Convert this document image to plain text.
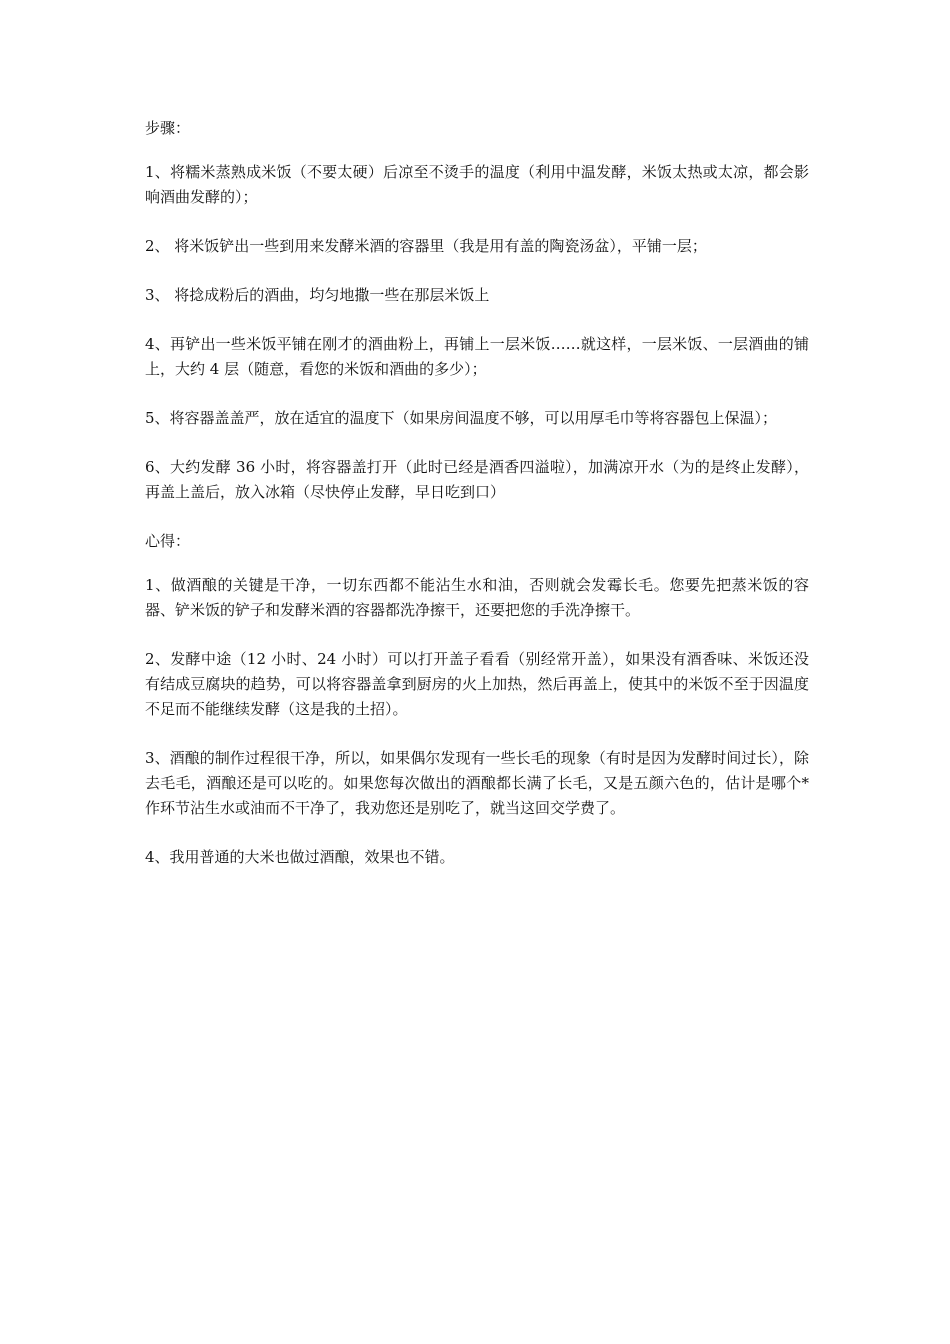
步骤：

1、将糯米蒸熟成米饭（不要太硬）后凉至不烫手的温度（利用中温发酵，米饭太热或太凉，都会影响酒曲发酵的）；

2、 将米饭铲出一些到用来发酵米酒的容器里（我是用有盖的陶瓷汤盆），平铺一层；

3、 将捻成粉后的酒曲，均匀地撒一些在那层米饭上

4、再铲出一些米饭平铺在刚才的酒曲粉上，再铺上一层米饭……就这样，一层米饭、一层酒曲的铺上，大约 4 层（随意，看您的米饭和酒曲的多少）；

5、将容器盖盖严，放在适宜的温度下（如果房间温度不够，可以用厚毛巾等将容器包上保温）；

6、大约发酵 36 小时，将容器盖打开（此时已经是酒香四溢啦），加满凉开水（为的是终止发酵），再盖上盖后，放入冰箱（尽快停止发酵，早日吃到口）

心得：

1、做酒酿的关键是干净，一切东西都不能沾生水和油，否则就会发霉长毛。您要先把蒸米饭的容器、铲米饭的铲子和发酵米酒的容器都洗净擦干，还要把您的手洗净擦干。

2、发酵中途（12 小时、24 小时）可以打开盖子看看（别经常开盖），如果没有酒香味、米饭还没有结成豆腐块的趋势，可以将容器盖拿到厨房的火上加热，然后再盖上，使其中的米饭不至于因温度不足而不能继续发酵（这是我的土招）。

3、酒酿的制作过程很干净，所以，如果偶尔发现有一些长毛的现象（有时是因为发酵时间过长），除去毛毛，酒酿还是可以吃的。如果您每次做出的酒酿都长满了长毛，又是五颜六色的，估计是哪个*作环节沾生水或油而不干净了，我劝您还是别吃了，就当这回交学费了。

4、我用普通的大米也做过酒酿，效果也不错。
